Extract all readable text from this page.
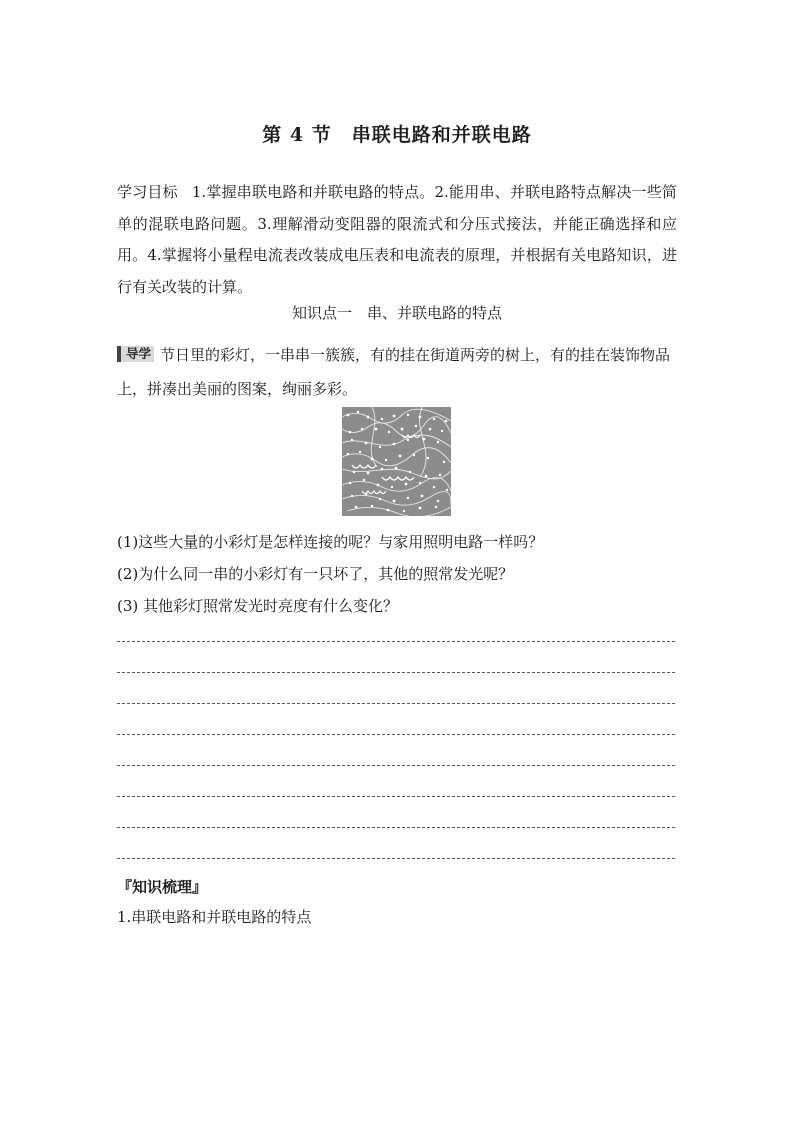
第 4 节　串联电路和并联电路
学习目标 1.掌握串联电路和并联电路的特点。2.能用串、并联电路特点解决一些简单的混联电路问题。3.理解滑动变阻器的限流式和分压式接法，并能正确选择和应用。4.掌握将小量程电流表改装成电压表和电流表的原理，并根据有关电路知识，进行有关改装的计算。
知识点一　串、并联电路的特点
导学 节日里的彩灯，一串串一簇簇，有的挂在街道两旁的树上，有的挂在装饰物品上，拼凑出美丽的图案，绚丽多彩。
(1)这些大量的小彩灯是怎样连接的呢？与家用照明电路一样吗？
(2)为什么同一串的小彩灯有一只坏了，其他的照常发光呢？
(3) 其他彩灯照常发光时亮度有什么变化？
『知识梳理』
1.串联电路和并联电路的特点
